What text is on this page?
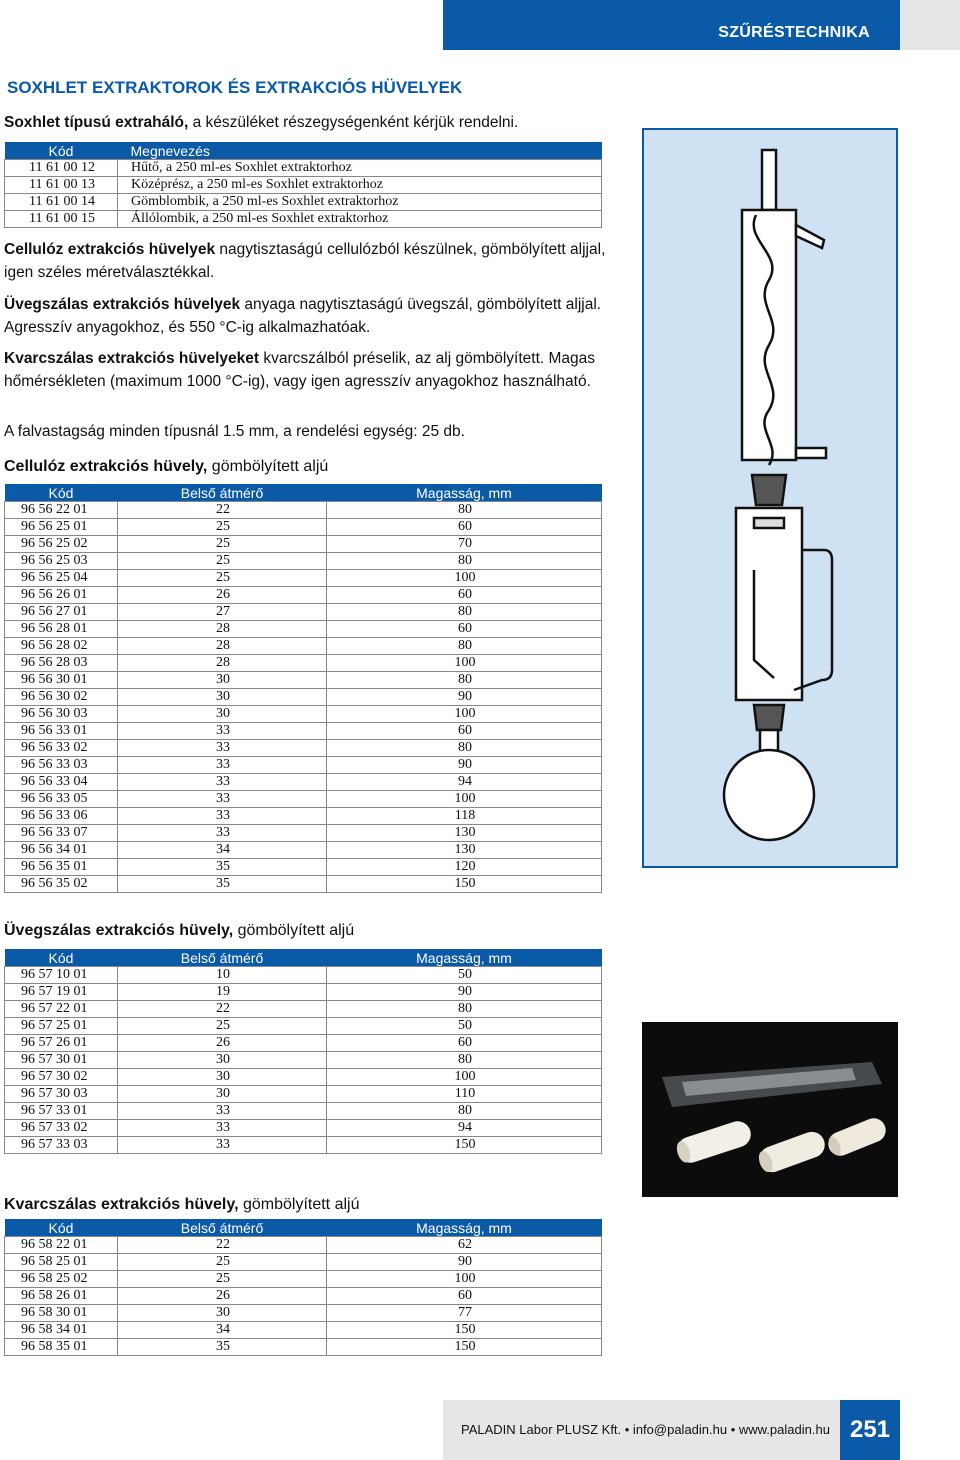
SZŰRÉSTECHNIKA
SOXHLET EXTRAKTOROK ÉS EXTRAKCIÓS HÜVELYEK
Soxhlet típusú extraháló, a készüléket részegységenként kérjük rendelni.
Kód	Megnevezés
11 61 00 12	Hűtő, a 250 ml-es Soxhlet extraktorhoz
11 61 00 13	Középrész, a 250 ml-es Soxhlet extraktorhoz
11 61 00 14	Gömblombik, a 250 ml-es Soxhlet extraktorhoz
11 61 00 15	Állólombik, a 250 ml-es Soxhlet extraktorhoz
Cellulóz extrakciós hüvelyek nagytisztaságú cellulózból készülnek, gömbölyített aljjal, igen széles méretválasztékkal.
Üvegszálas extrakciós hüvelyek anyaga nagytisztaságú üvegszál, gömbölyített aljjal. Agresszív anyagokhoz, és 550 °C-ig alkalmazhatóak.
Kvarcszálas extrakciós hüvelyeket kvarcszálból préselik, az alj gömbölyített. Magas hőmérsékleten (maximum 1000 °C-ig), vagy igen agresszív anyagokhoz használható.
A falvastagság minden típusnál 1.5 mm, a rendelési egység: 25 db.
Cellulóz extrakciós hüvely, gömbölyített aljú
Kód	Belső átmérő	Magasság, mm
96 56 22 01	22	80
96 56 25 01	25	60
96 56 25 02	25	70
96 56 25 03	25	80
96 56 25 04	25	100
96 56 26 01	26	60
96 56 27 01	27	80
96 56 28 01	28	60
96 56 28 02	28	80
96 56 28 03	28	100
96 56 30 01	30	80
96 56 30 02	30	90
96 56 30 03	30	100
96 56 33 01	33	60
96 56 33 02	33	80
96 56 33 03	33	90
96 56 33 04	33	94
96 56 33 05	33	100
96 56 33 06	33	118
96 56 33 07	33	130
96 56 34 01	34	130
96 56 35 01	35	120
96 56 35 02	35	150
Üvegszálas extrakciós hüvely, gömbölyített aljú
Kód	Belső átmérő	Magasság, mm
96 57 10 01	10	50
96 57 19 01	19	90
96 57 22 01	22	80
96 57 25 01	25	50
96 57 26 01	26	60
96 57 30 01	30	80
96 57 30 02	30	100
96 57 30 03	30	110
96 57 33 01	33	80
96 57 33 02	33	94
96 57 33 03	33	150
Kvarcszálas extrakciós hüvely, gömbölyített aljú
Kód	Belső átmérő	Magasság, mm
96 58 22 01	22	62
96 58 25 01	25	90
96 58 25 02	25	100
96 58 26 01	26	60
96 58 30 01	30	77
96 58 34 01	34	150
96 58 35 01	35	150
PALADIN Labor PLUSZ Kft. • info@paladin.hu • www.paladin.hu 251
